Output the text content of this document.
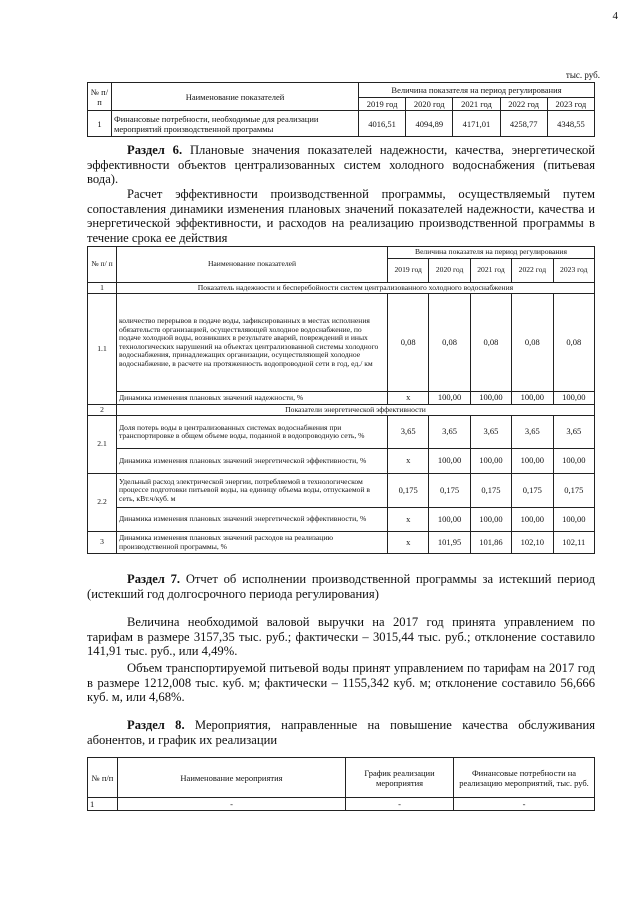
4
тыс. руб.
№ п/п	Наименование показателей	Величина показателя на период регулирования				
		2019 год	2020 год	2021 год	2022 год	2023 год
1	Финансовые потребности, необходимые для реализации мероприятий производственной программы	4016,51	4094,89	4171,01	4258,77	4348,55
Раздел 6. Плановые значения показателей надежности, качества, энергетической эффективности объектов централизованных систем холодного водоснабжения (питьевая вода).
Расчет эффективности производственной программы, осуществляемый путем сопоставления динамики изменения плановых значений показателей надежности, качества и энергетической эффективности, и расходов на реализацию производственной программы в течение срока ее действия
№ п/ п	Наименование показателей	Величина показателя на период регулирования				
		2019 год	2020 год	2021 год	2022 год	2023 год
1	Показатель надежности и бесперебойности систем централизованного холодного водоснабжения					
1.1	количество перерывов в подаче воды, зафиксированных в местах исполнения обязательств организацией, осуществляющей холодное водоснабжение, по подаче холодной воды, возникших в результате аварий, повреждений и иных технологических нарушений на объектах централизованной системы холодного водоснабжения, принадлежащих организации, осуществляющей холодное водоснабжение, в расчете на протяженность водопроводной сети в год, ед./ км	0,08	0,08	0,08	0,08	0,08
	Динамика изменения плановых значений надежности, %	x	100,00	100,00	100,00	100,00
2	Показатели энергетической эффективности					
2.1	Доля потерь воды в централизованных системах водоснабжения при транспортировке в общем объеме воды, поданной в водопроводную сеть, %	3,65	3,65	3,65	3,65	3,65
	Динамика изменения плановых значений энергетической эффективности, %	x	100,00	100,00	100,00	100,00
2.2	Удельный расход электрической энергии, потребляемой в технологическом процессе подготовки питьевой воды, на единицу объема воды, отпускаемой в сеть, кВт.ч/куб. м	0,175	0,175	0,175	0,175	0,175
	Динамика изменения плановых значений энергетической эффективности, %	x	100,00	100,00	100,00	100,00
3	Динамика изменения плановых значений расходов на реализацию производственной программы, %	x	101,95	101,86	102,10	102,11
Раздел 7. Отчет об исполнении производственной программы за истекший период (истекший год долгосрочного периода регулирования)
Величина необходимой валовой выручки на 2017 год принята управлением по тарифам в размере 3157,35 тыс. руб.; фактически – 3015,44 тыс. руб.; отклонение составило 141,91 тыс. руб., или 4,49%.
Объем транспортируемой питьевой воды принят управлением по тарифам на 2017 год в размере 1212,008 тыс. куб. м; фактически – 1155,342 куб. м; отклонение составило 56,666 куб. м, или 4,68%.
Раздел 8. Мероприятия, направленные на повышение качества обслуживания абонентов, и график их реализации
№ п/п	Наименование мероприятия	График реализации мероприятия	Финансовые потребности на реализацию мероприятий, тыс. руб.
1	-	-	-
